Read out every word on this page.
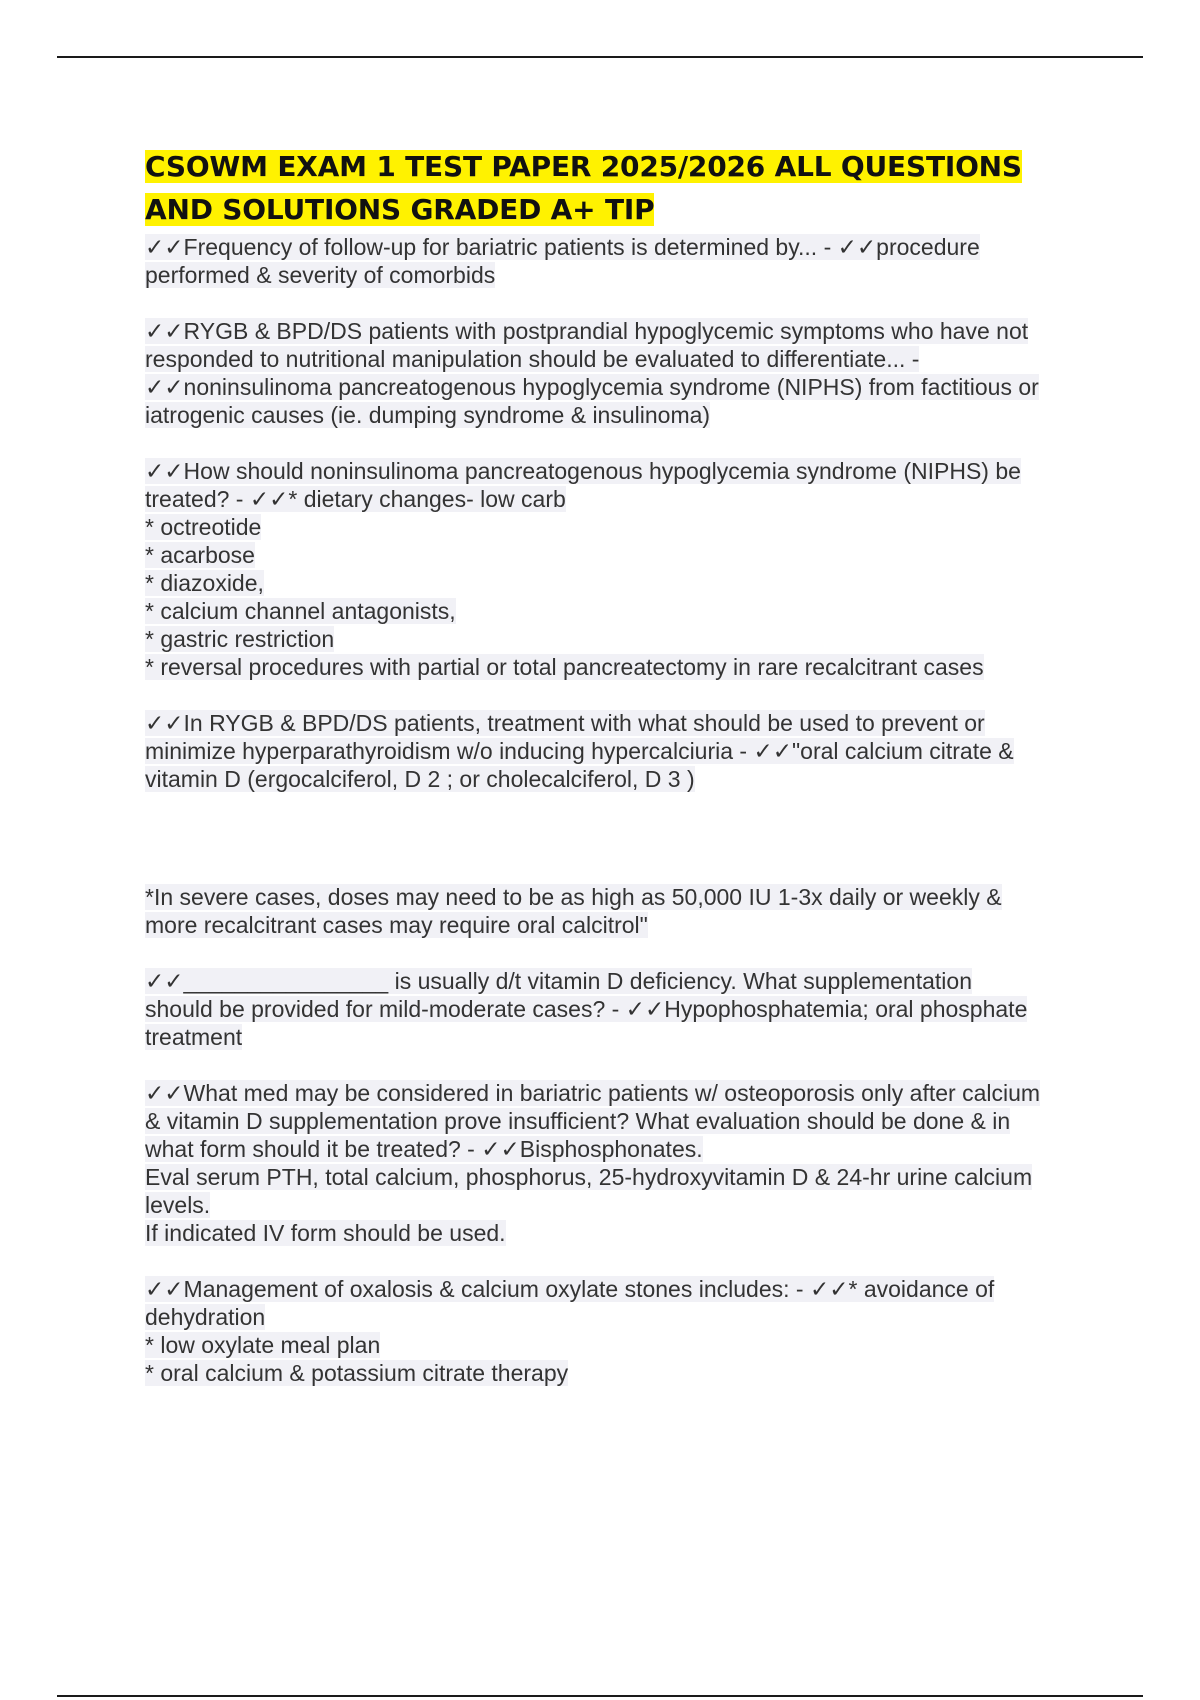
CSOWM EXAM 1 TEST PAPER 2025/2026 ALL QUESTIONS
AND SOLUTIONS GRADED A+ TIP

✓✓Frequency of follow-up for bariatric patients is determined by... - ✓✓procedure

performed & severity of comorbids

✓✓RYGB & BPD/DS patients with postprandial hypoglycemic symptoms who have not

responded to nutritional manipulation should be evaluated to differentiate... -

✓✓noninsulinoma pancreatogenous hypoglycemia syndrome (NIPHS) from factitious or

iatrogenic causes (ie. dumping syndrome & insulinoma)

✓✓How should noninsulinoma pancreatogenous hypoglycemia syndrome (NIPHS) be

treated? - ✓✓* dietary changes- low carb

* octreotide

* acarbose

* diazoxide,

* calcium channel antagonists,

* gastric restriction

* reversal procedures with partial or total pancreatectomy in rare recalcitrant cases

✓✓In RYGB & BPD/DS patients, treatment with what should be used to prevent or

minimize hyperparathyroidism w/o inducing hypercalciuria - ✓✓"oral calcium citrate &

vitamin D (ergocalciferol, D 2 ; or cholecalciferol, D 3 )

*In severe cases, doses may need to be as high as 50,000 IU 1-3x daily or weekly &

more recalcitrant cases may require oral calcitrol"

✓✓________________ is usually d/t vitamin D deficiency. What supplementation

should be provided for mild-moderate cases? - ✓✓Hypophosphatemia; oral phosphate

treatment

✓✓What med may be considered in bariatric patients w/ osteoporosis only after calcium

& vitamin D supplementation prove insufficient? What evaluation should be done & in

what form should it be treated? - ✓✓Bisphosphonates.

Eval serum PTH, total calcium, phosphorus, 25-hydroxyvitamin D & 24-hr urine calcium

levels.

If indicated IV form should be used.

✓✓Management of oxalosis & calcium oxylate stones includes: - ✓✓* avoidance of

dehydration

* low oxylate meal plan

* oral calcium & potassium citrate therapy
